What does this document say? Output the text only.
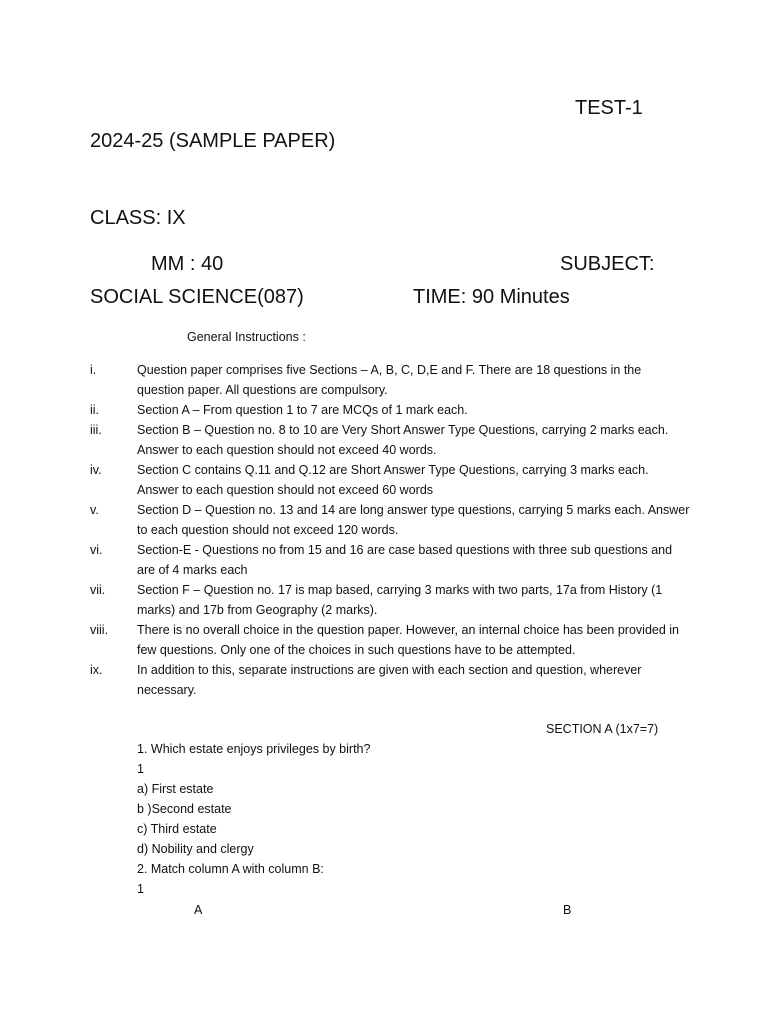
TEST-1
2024-25 (SAMPLE PAPER)
CLASS: IX
MM : 40	SUBJECT:
SOCIAL SCIENCE(087)	TIME: 90 Minutes
General Instructions :
i.	Question paper comprises five Sections – A, B, C, D,E and F. There are 18 questions in the question paper. All questions are compulsory.
ii.	Section A – From question 1 to 7 are MCQs of 1 mark each.
iii.	Section B – Question no. 8 to 10 are Very Short Answer Type Questions, carrying 2 marks each. Answer to each question should not exceed 40 words.
iv.	Section C contains Q.11 and Q.12 are Short Answer Type Questions, carrying 3 marks each. Answer to each question should not exceed 60 words
v.	Section D – Question no. 13 and 14 are long answer type questions, carrying 5 marks each. Answer to each question should not exceed 120 words.
vi.	Section-E - Questions no from 15 and 16 are case based questions with three sub questions and are of 4 marks each
vii.	Section F – Question no. 17 is map based, carrying 3 marks with two parts, 17a from History (1 marks) and 17b from Geography (2 marks).
viii. There is no overall choice in the question paper. However, an internal choice has been provided in few questions. Only one of the choices in such questions have to be attempted.
ix.	In addition to this, separate instructions are given with each section and question, wherever necessary.
SECTION A (1x7=7)
1. Which estate enjoys privileges by birth?
1
a) First estate
b )Second estate
c) Third estate
d) Nobility and clergy
2. Match column A with column B:
1
A	B
